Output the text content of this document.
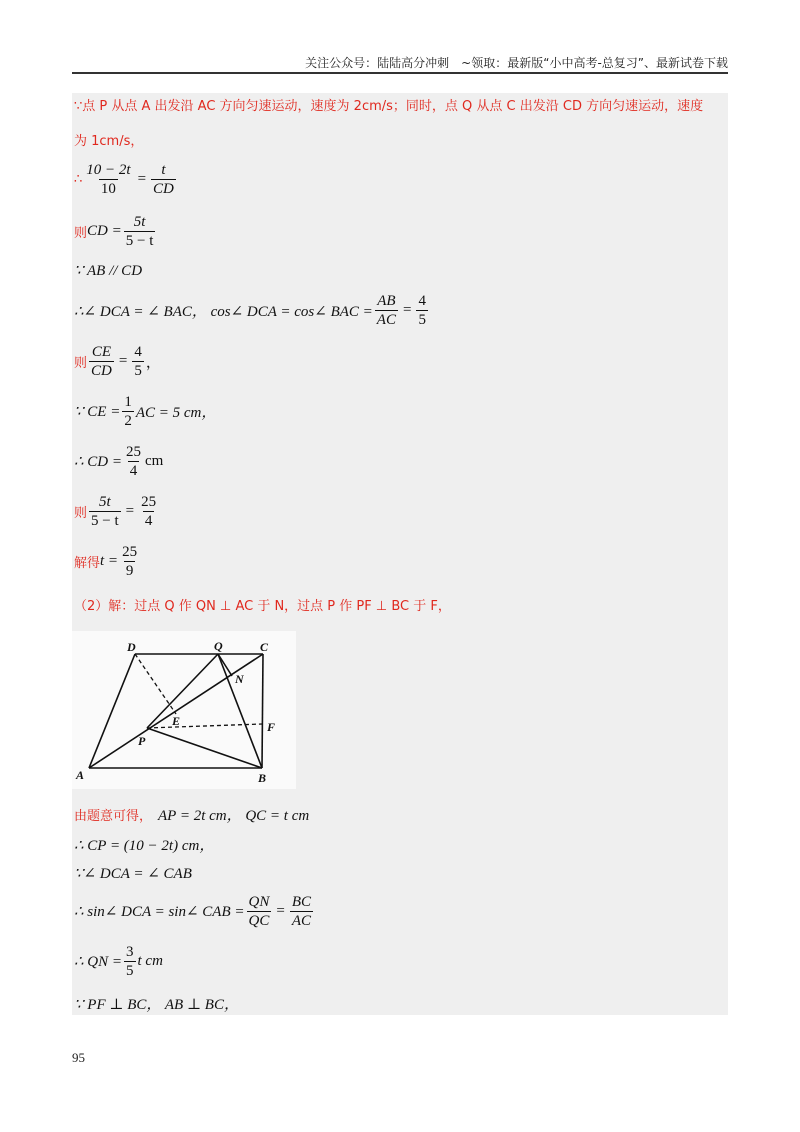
关注公众号：陆陆高分冲刺　~领取：最新版“小中高考-总复习”、最新试卷下载
∵点 P 从点 A 出发沿 AC 方向匀速运动，速度为 2cm/s；同时，点 Q 从点 C 出发沿 CD 方向匀速运动，速度
为 1cm/s，
∴ $\frac{10 - 2t}{10} = \frac{t}{CD}$
则 CD = $\frac{5t}{5 - t}$
∵ AB // CD
∴∠ DCA = ∠ BAC， cos∠ DCA = cos∠ BAC = $\frac{AB}{AC} = \frac{4}{5}$
则 $\frac{CE}{CD} = \frac{4}{5}$ ，
∵ CE = $\frac{1}{2}$ AC = 5 cm，
∴ CD = $\frac{25}{4}$ cm
则 $\frac{5t}{5 - t} = \frac{25}{4}$
解得 $t = \frac{25}{9}$
（2）解：过点 Q 作 QN ⊥ AC 于 N，过点 P 作 PF ⊥ BC 于 F，
由题意可得， AP = 2t cm， QC = t cm
∴ CP = (10 − 2t) cm，
∵∠ DCA = ∠ CAB
∴ sin∠ DCA = sin∠ CAB = $\frac{QN}{QC} = \frac{BC}{AC}$
∴ QN = $\frac{3}{5}$ t cm
∵ PF ⊥ BC， AB ⊥ BC，
A	B
C
D	Q
N
E	F
P
95
